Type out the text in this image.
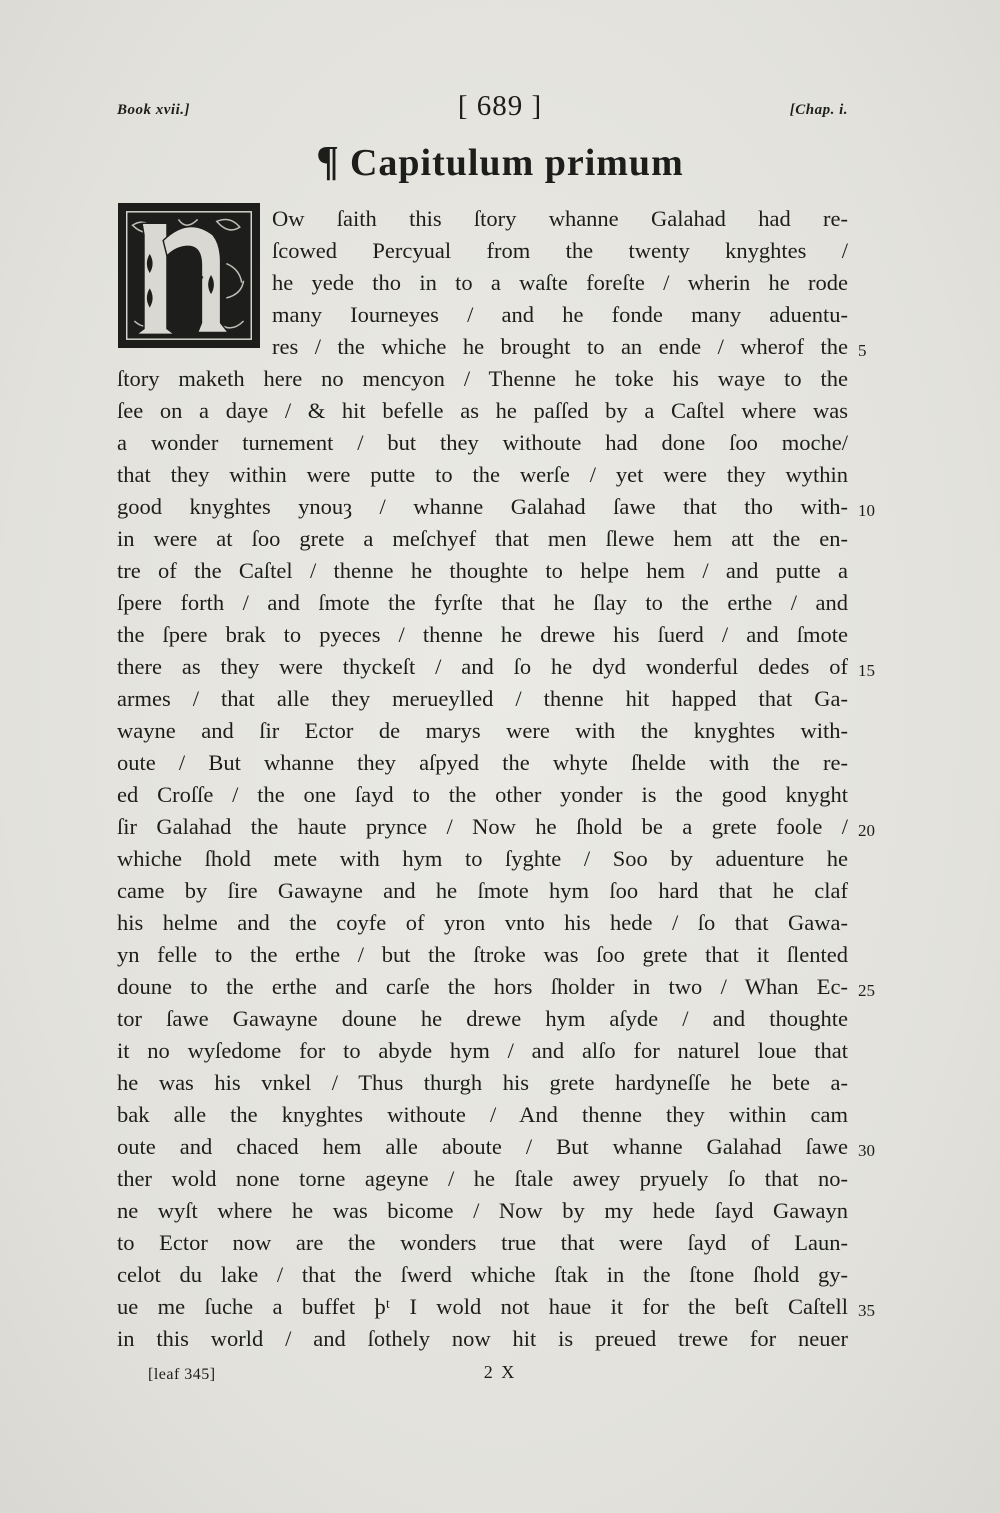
Book xvii.]	[ 689 ]	[Chap. i.
¶ Capitulum primum
Ow ſaith this ſtory whanne Galahad had re-
ſcowed Percyual from the twenty knyghtes /
he yede tho in to a waſte foreſte / wherin he rode
many Iourneyes / and he fonde many aduentu-
res / the whiche he brought to an ende / wherof the
ſtory maketh here no mencyon / Thenne he toke his waye to the
ſee on a daye / & hit befelle as he paſſed by a Caſtel where was
a wonder turnement / but they withoute had done ſoo moche/
that they within were putte to the werſe / yet were they wythin
good knyghtes ynouȝ / whanne Galahad ſawe that tho with-
in were at ſoo grete a meſchyef that men ſlewe hem att the en-
tre of the Caſtel / thenne he thoughte to helpe hem / and putte a
ſpere forth / and ſmote the fyrſte that he ſlay to the erthe / and
the ſpere brak to pyeces / thenne he drewe his ſuerd / and ſmote
there as they were thyckeſt / and ſo he dyd wonderful dedes of
armes / that alle they merueylled / thenne hit happed that Ga-
wayne and ſir Ector de marys were with the knyghtes with-
oute / But whanne they aſpyed the whyte ſhelde with the re-
ed Croſſe / the one ſayd to the other yonder is the good knyght
ſir Galahad the haute prynce / Now he ſhold be a grete foole /
whiche ſhold mete with hym to ſyghte / Soo by aduenture he
came by ſire Gawayne and he ſmote hym ſoo hard that he claf
his helme and the coyfe of yron vnto his hede / ſo that Gawa-
yn felle to the erthe / but the ſtroke was ſoo grete that it ſlented
doune to the erthe and carſe the hors ſholder in two / Whan Ec-
tor ſawe Gawayne doune he drewe hym aſyde / and thoughte
it no wyſedome for to abyde hym / and alſo for naturel loue that
he was his vnkel / Thus thurgh his grete hardyneſſe he bete a-
bak alle the knyghtes withoute / And thenne they within cam
oute and chaced hem alle aboute / But whanne Galahad ſawe
ther wold none torne ageyne / he ſtale awey pryuely ſo that no-
ne wyſt where he was bicome / Now by my hede ſayd Gawayn
to Ector now are the wonders true that were ſayd of Laun-
celot du lake / that the ſwerd whiche ſtak in the ſtone ſhold gy-
ue me ſuche a buffet þᵗ I wold not haue it for the beſt Caſtell
in this world / and ſothely now hit is preued trewe for neuer
5
10
15
20
25
30
35
[leaf 345]	2 X
